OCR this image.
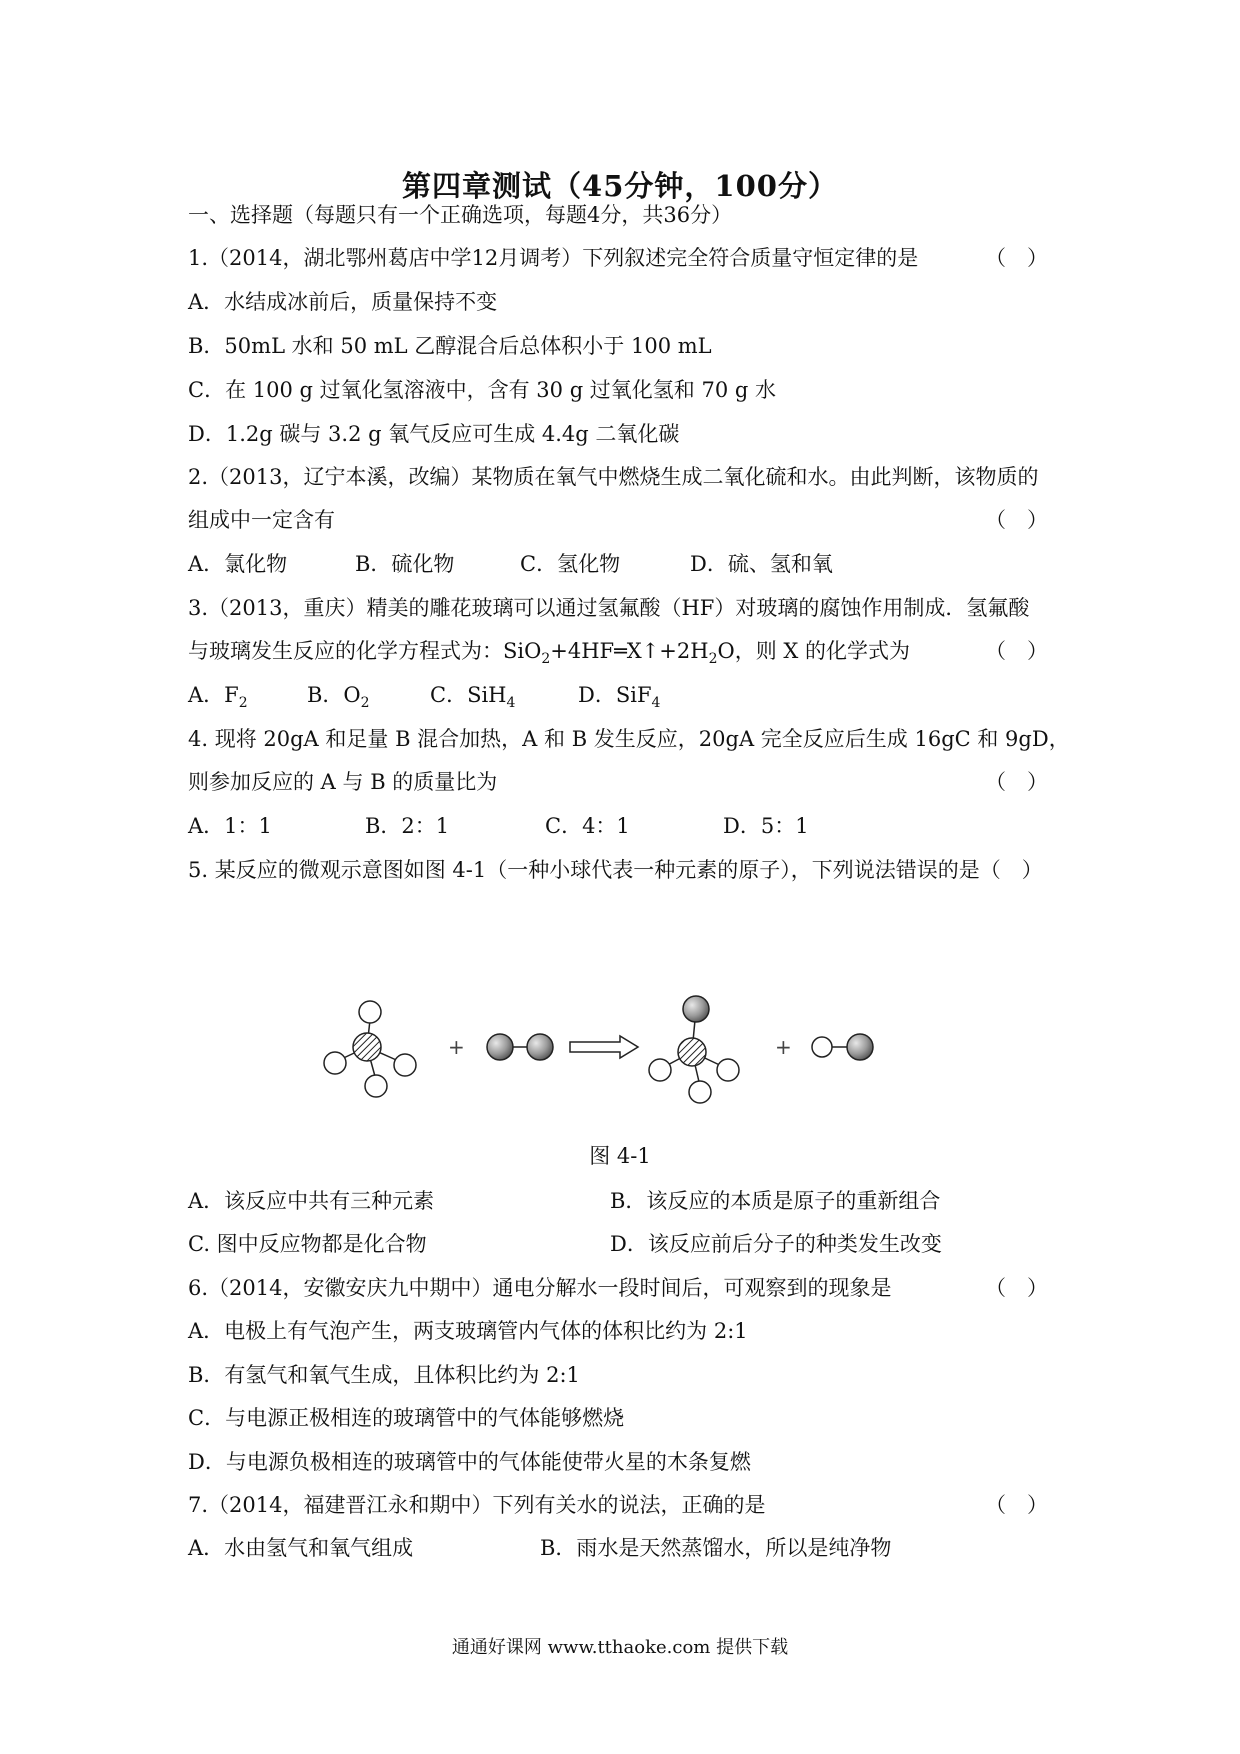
第四章测试（45分钟，100分）
一、选择题（每题只有一个正确选项，每题4分，共36分）
1.（2014，湖北鄂州葛店中学12月调考）下列叙述完全符合质量守恒定律的是	（　）
A．水结成冰前后，质量保持不变
B．50mL 水和 50 mL 乙醇混合后总体积小于 100 mL
C．在 100 g 过氧化氢溶液中，含有 30 g 过氧化氢和 70 g 水
D．1.2g 碳与 3.2 g 氧气反应可生成 4.4g 二氧化碳
2.（2013，辽宁本溪，改编）某物质在氧气中燃烧生成二氧化硫和水。由此判断，该物质的
组成中一定含有	（　）
A．氯化物	B．硫化物	C．氢化物	D．硫、氢和氧
3.（2013，重庆）精美的雕花玻璃可以通过氢氟酸（HF）对玻璃的腐蚀作用制成．氢氟酸
与玻璃发生反应的化学方程式为：$SiO_2+4HF═X↑+2H_2O$，则 X 的化学式为	（　）
A．$F_2$	B．$O_2$	C．SiH$_4$	D．SiF$_4$
4. 现将 20gA 和足量 B 混合加热，A 和 B 发生反应，20gA 完全反应后生成 16gC 和 9gD，
则参加反应的 A 与 B 的质量比为	（　）
A．1：1	B．2：1	C．4：1	D．5：1
5. 某反应的微观示意图如图 4-1（一种小球代表一种元素的原子），下列说法错误的是（　）
+	+
图 4-1
A．该反应中共有三种元素	B．该反应的本质是原子的重新组合
C. 图中反应物都是化合物	D．该反应前后分子的种类发生改变
6.（2014，安徽安庆九中期中）通电分解水一段时间后，可观察到的现象是	（　）
A．电极上有气泡产生，两支玻璃管内气体的体积比约为 2:1
B．有氢气和氧气生成，且体积比约为 2:1
C．与电源正极相连的玻璃管中的气体能够燃烧
D．与电源负极相连的玻璃管中的气体能使带火星的木条复燃
7.（2014，福建晋江永和期中）下列有关水的说法，正确的是	（　）
A．水由氢气和氧气组成	B．雨水是天然蒸馏水，所以是纯净物
通通好课网 www.tthaoke.com 提供下载
